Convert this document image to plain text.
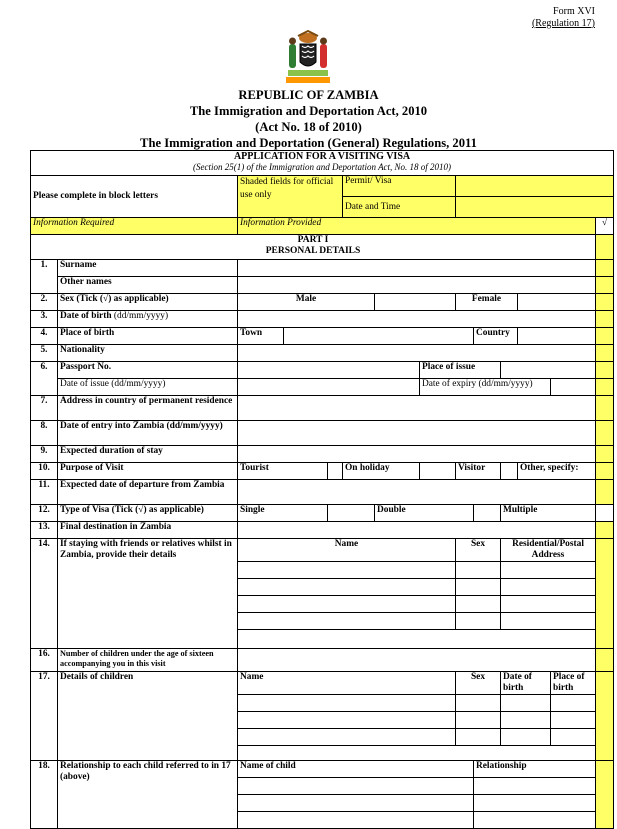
Form XVI
(Regulation 17)
REPUBLIC OF ZAMBIA
The Immigration and Deportation Act, 2010
(Act No. 18 of 2010)
The Immigration and Deportation (General) Regulations, 2011
APPLICATION FOR A VISITING VISA
(Section 25(1) of the Immigration and Deportation Act, No. 18 of 2010)														

Please complete in block letters		Shaded fields for official use only			Permit/ Visa									
					Date and Time									
Information Required		Information Provided											√	

PART I
PERSONAL DETAILS														

1.	Surname													
	Other names													
2.	Sex (Tick (√) as applicable)	Male						Female						
3.	Date of birth (dd/mm/yyyy)													
4.	Place of birth	Town							Country					
5.	Nationality													
6.	Passport No.						Place of issue							
	Date of issue (dd/mm/yyyy)						Date of expiry (dd/mm/yyyy)							
7.	Address in country of permanent residence													
8.	Date of entry into Zambia (dd/mm/yyyy)													
9.	Expected duration of stay													
10.	Purpose of Visit	Tourist			On holiday			Visitor			Other, specify:			
11.	Expected date of departure from Zambia													
12.	Type of Visa (Tick (√) as applicable)	Single				Double				Multiple				
13.	Final destination in Zambia													
14.	If staying with friends or relatives whilst in Zambia, provide their details	Name						Sex		Residential/Postal Address				

16.	Number of children under the age of sixteen accompanying you in this visit													
17.	Details of children	Name						Sex		Date of birth		Place of birth		

18.	Relationship to each child referred to in 17 (above)	Name of child							Relationship					
